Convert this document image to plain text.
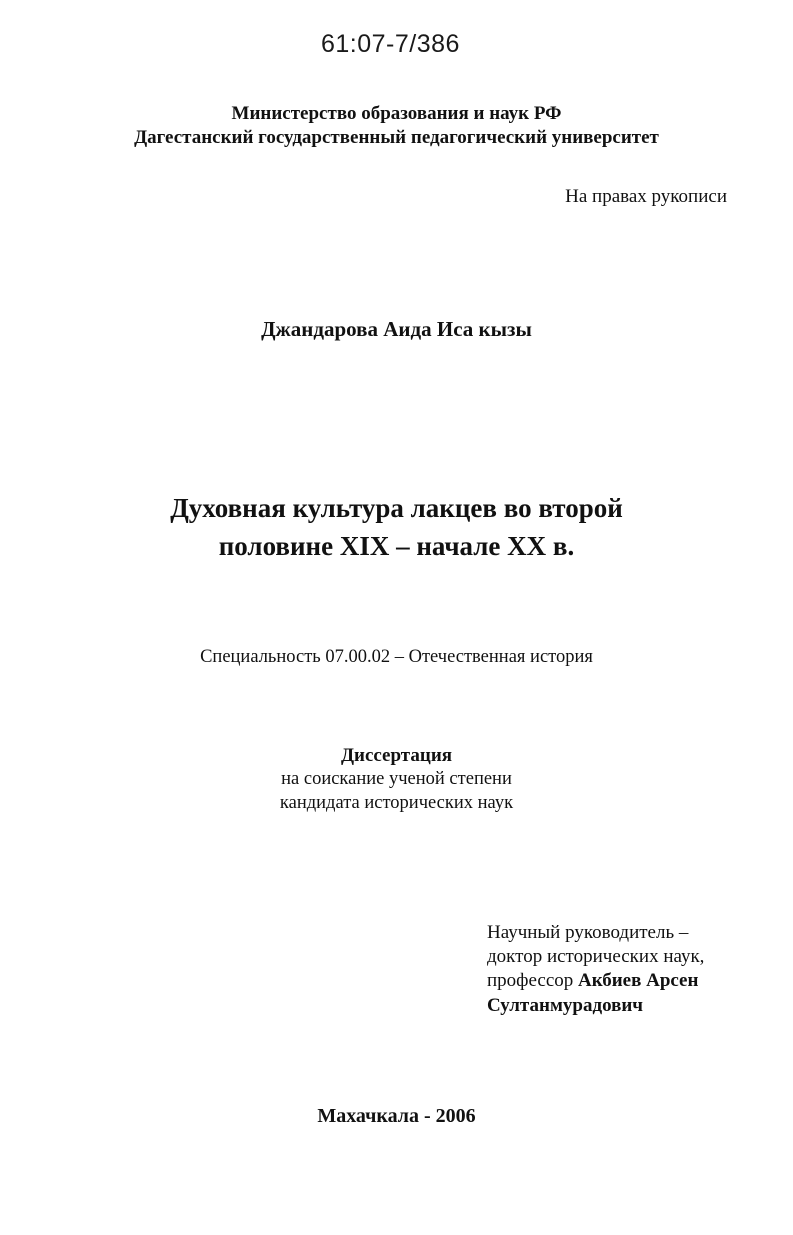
61:07-7/386
Министерство образования и наук РФ
Дагестанский государственный педагогический университет
На правах рукописи
Джандарова Аида Иса кызы
Духовная культура лакцев во второй
половине XIX – начале XX в.
Специальность 07.00.02 – Отечественная история
Диссертация
на соискание ученой степени
кандидата исторических наук
Научный руководитель –
доктор исторических наук,
профессор Акбиев Арсен
Султанмурадович
Махачкала - 2006
